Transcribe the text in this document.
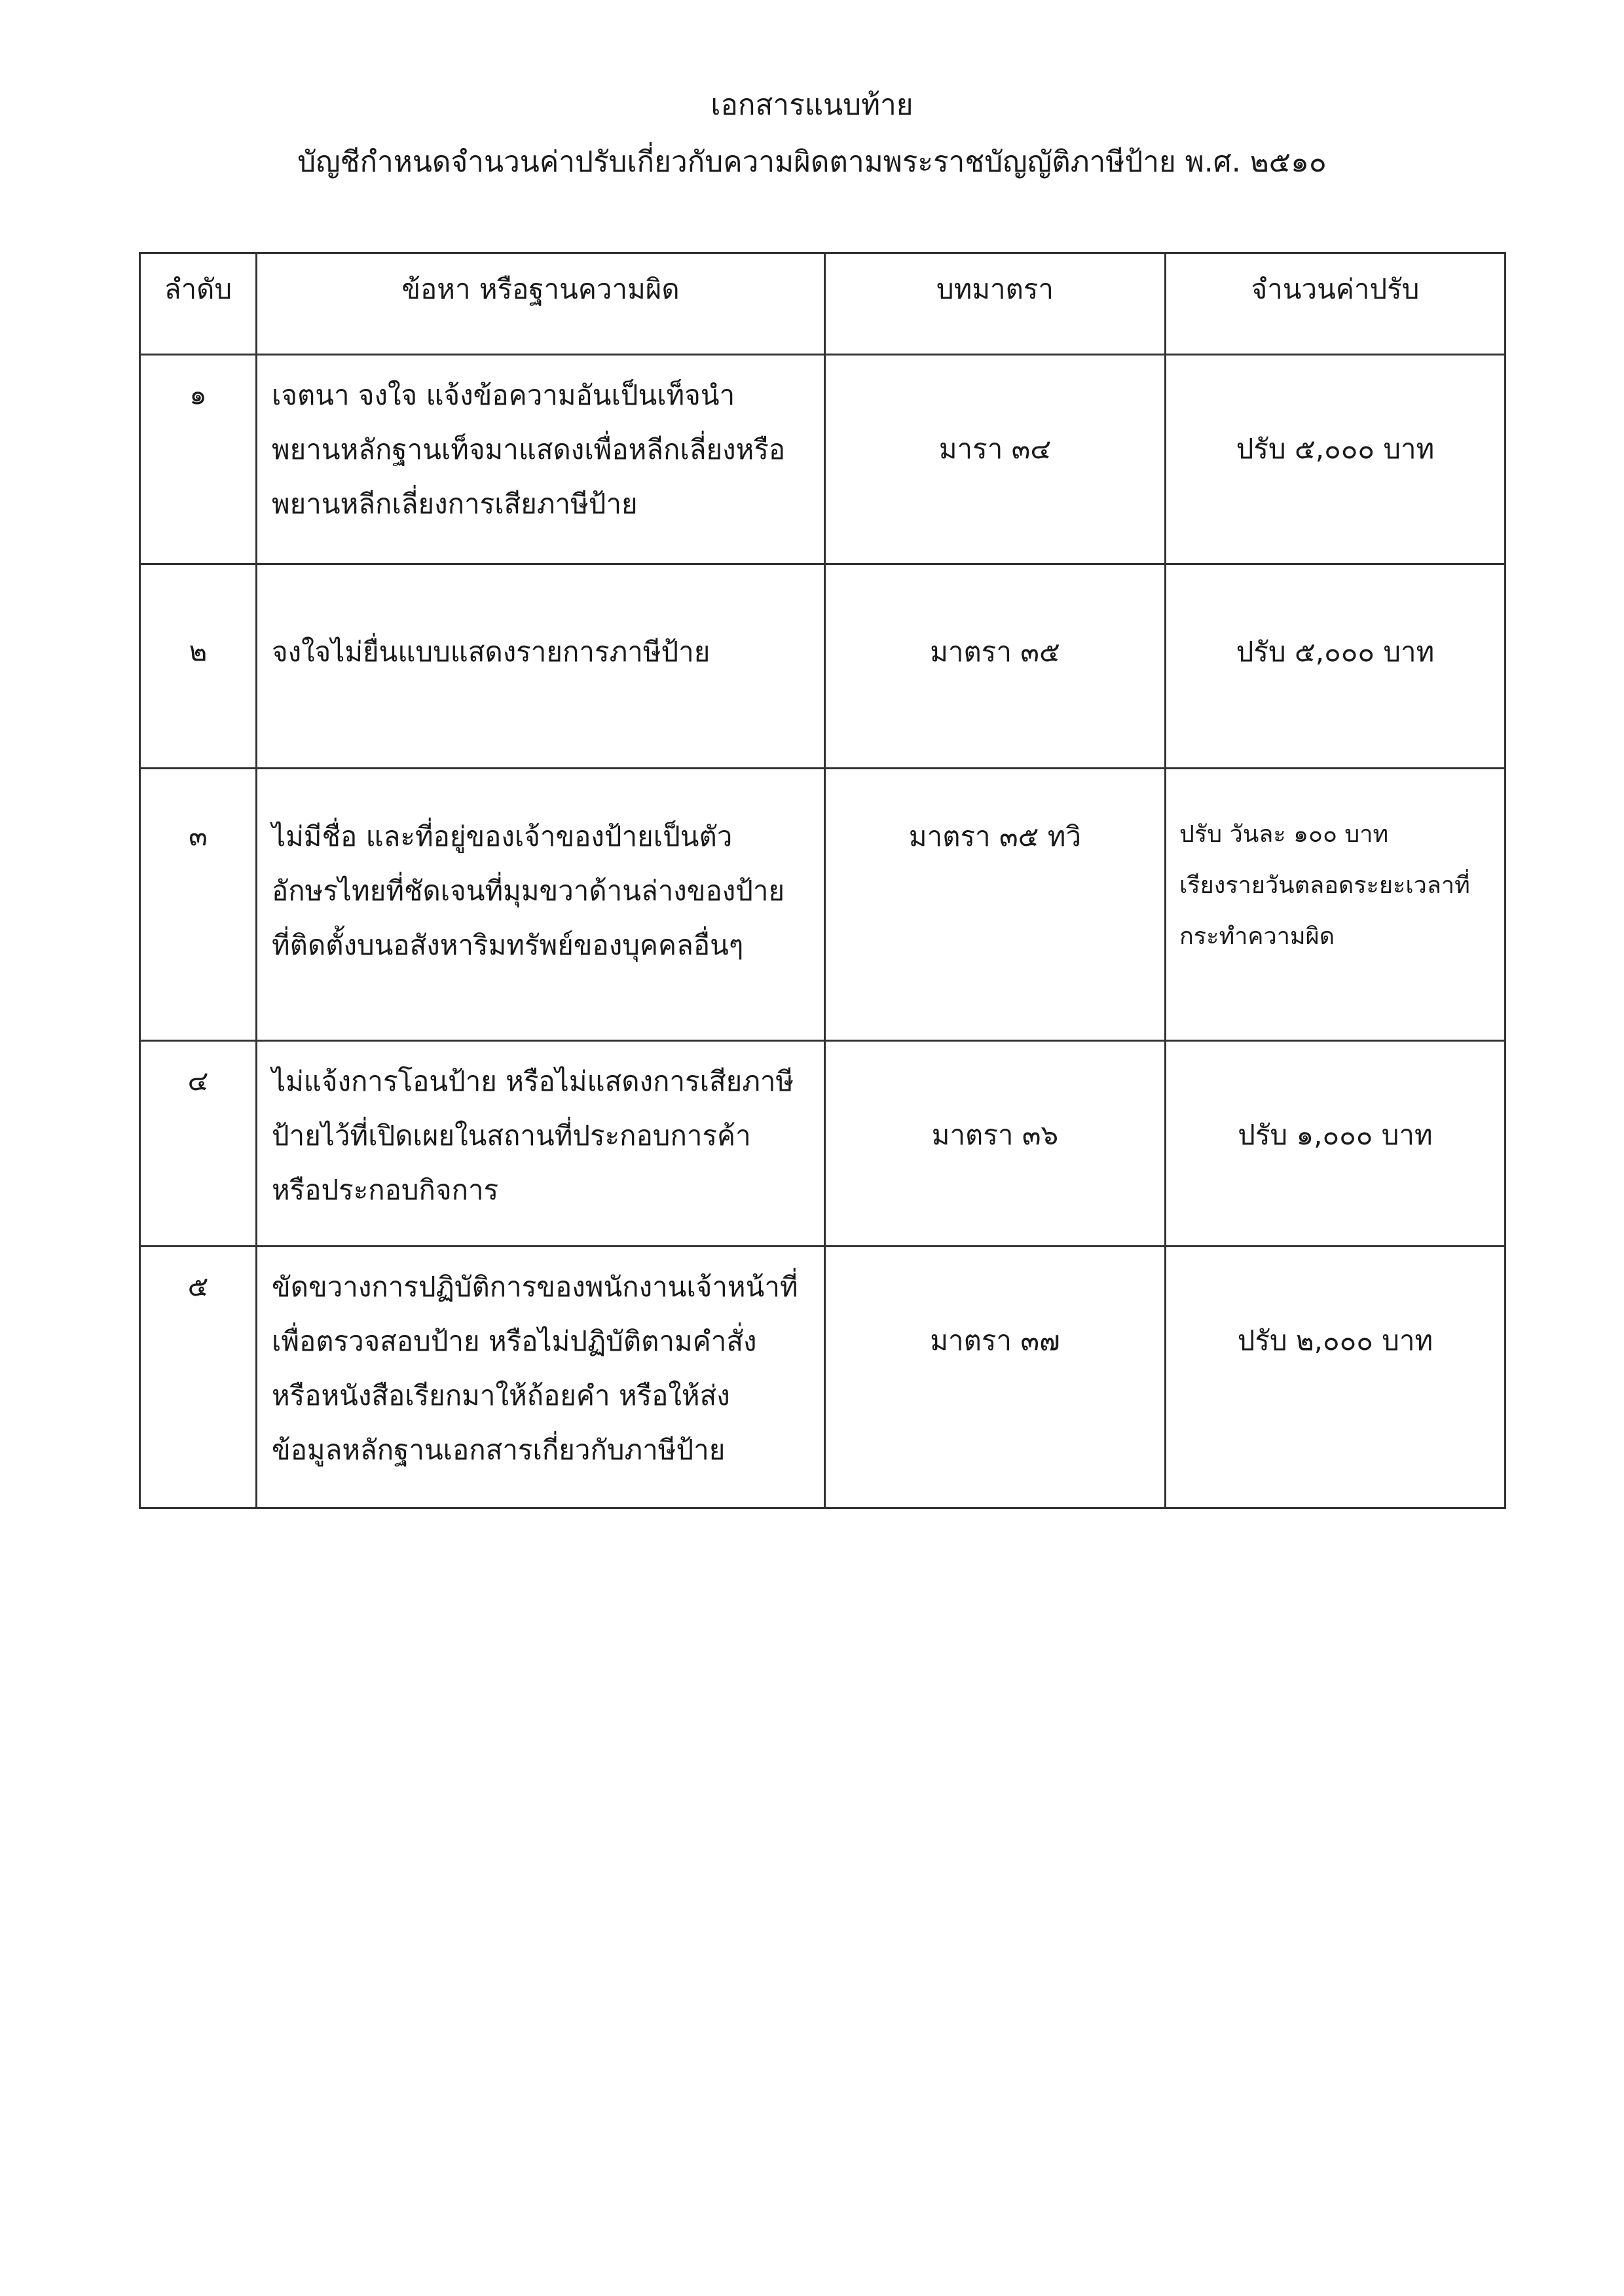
เอกสารแนบท้าย
บัญชีกำหนดจำนวนค่าปรับเกี่ยวกับความผิดตามพระราชบัญญัติภาษีป้าย พ.ศ. ๒๕๑๐
ลำดับ	ข้อหา หรือฐานความผิด	บทมาตรา	จำนวนค่าปรับ

๑	เจตนา จงใจ แจ้งข้อความอันเป็นเท็จนำ
พยานหลักฐานเท็จมาแสดงเพื่อหลีกเลี่ยงหรือ
พยานหลีกเลี่ยงการเสียภาษีป้าย	มารา ๓๔	ปรับ ๕,๐๐๐ บาท

๒	จงใจไม่ยื่นแบบแสดงรายการภาษีป้าย	มาตรา ๓๕	ปรับ ๕,๐๐๐ บาท

๓	ไม่มีชื่อ และที่อยู่ของเจ้าของป้ายเป็นตัว
อักษรไทยที่ชัดเจนที่มุมขวาด้านล่างของป้าย
ที่ติดตั้งบนอสังหาริมทรัพย์ของบุคคลอื่นๆ	มาตรา ๓๕ ทวิ	ปรับ วันละ ๑๐๐ บาท
เรียงรายวันตลอดระยะเวลาที่
กระทำความผิด

๔	ไม่แจ้งการโอนป้าย หรือไม่แสดงการเสียภาษี
ป้ายไว้ที่เปิดเผยในสถานที่ประกอบการค้า
หรือประกอบกิจการ	มาตรา ๓๖	ปรับ ๑,๐๐๐ บาท

๕	ขัดขวางการปฏิบัติการของพนักงานเจ้าหน้าที่
เพื่อตรวจสอบป้าย หรือไม่ปฏิบัติตามคำสั่ง
หรือหนังสือเรียกมาให้ถ้อยคำ หรือให้ส่ง
ข้อมูลหลักฐานเอกสารเกี่ยวกับภาษีป้าย	มาตรา ๓๗	ปรับ ๒,๐๐๐ บาท
